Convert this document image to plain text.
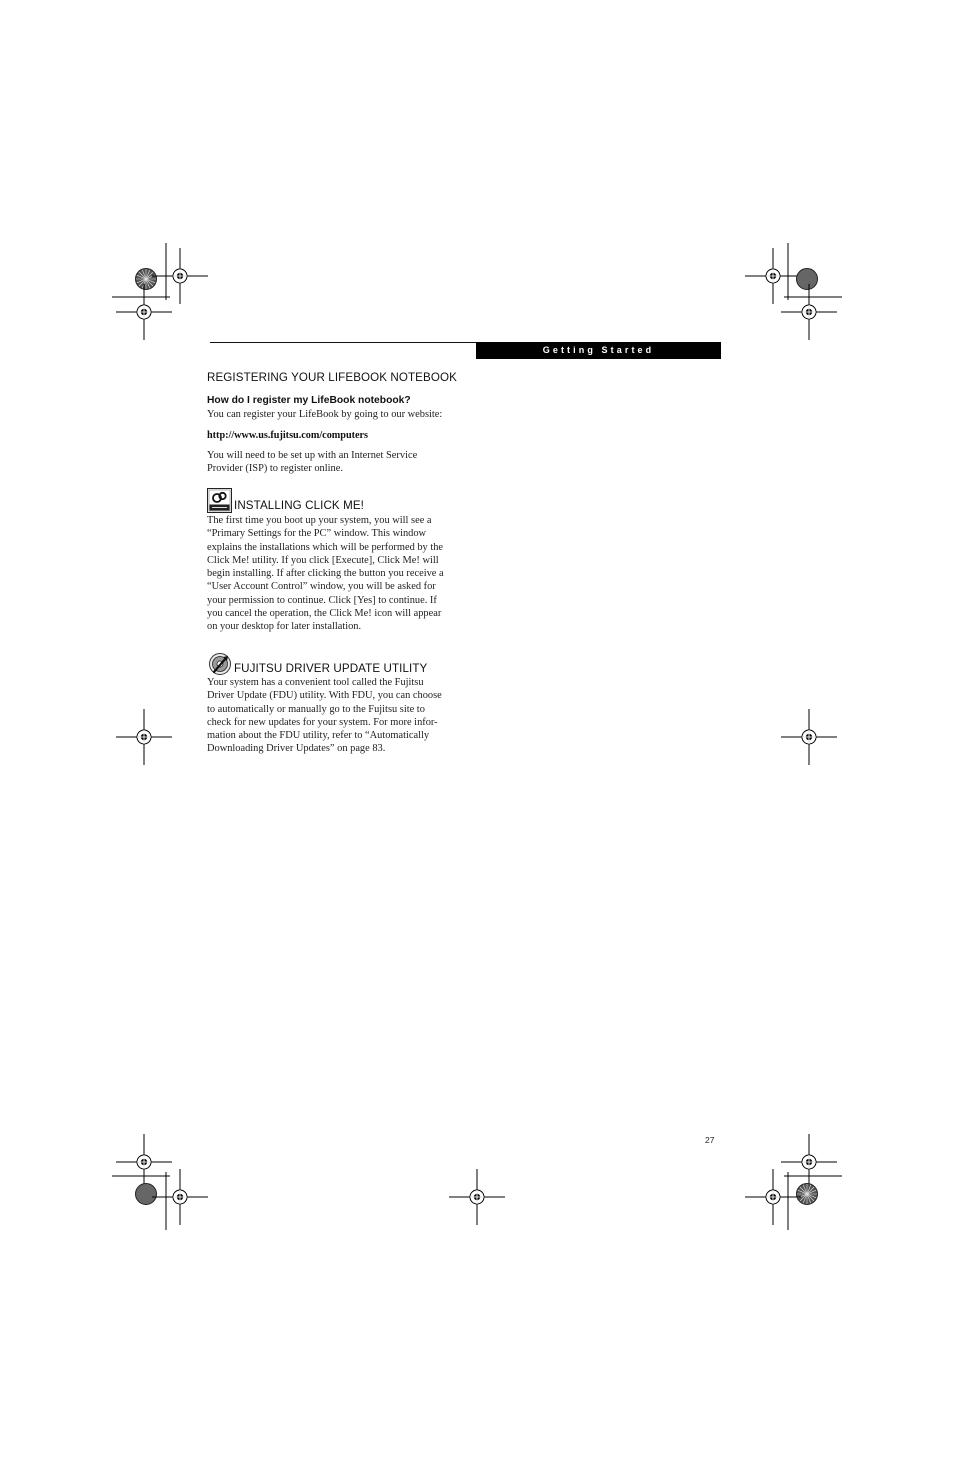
Getting Started
REGISTERING YOUR LIFEBOOK NOTEBOOK
How do I register my LifeBook notebook?
You can register your LifeBook by going to our website:
http://www.us.fujitsu.com/computers
You will need to be set up with an Internet Service
Provider (ISP) to register online.
INSTALLING CLICK ME!
The first time you boot up your system, you will see a
“Primary Settings for the PC” window. This window
explains the installations which will be performed by the
Click Me! utility. If you click [Execute], Click Me! will
begin installing. If after clicking the button you receive a
“User Account Control” window, you will be asked for
your permission to continue. Click [Yes] to continue. If
you cancel the operation, the Click Me! icon will appear
on your desktop for later installation.
FUJITSU DRIVER UPDATE UTILITY
Your system has a convenient tool called the Fujitsu
Driver Update (FDU) utility. With FDU, you can choose
to automatically or manually go to the Fujitsu site to
check for new updates for your system. For more infor-
mation about the FDU utility, refer to “Automatically
Downloading Driver Updates” on page 83.
27
